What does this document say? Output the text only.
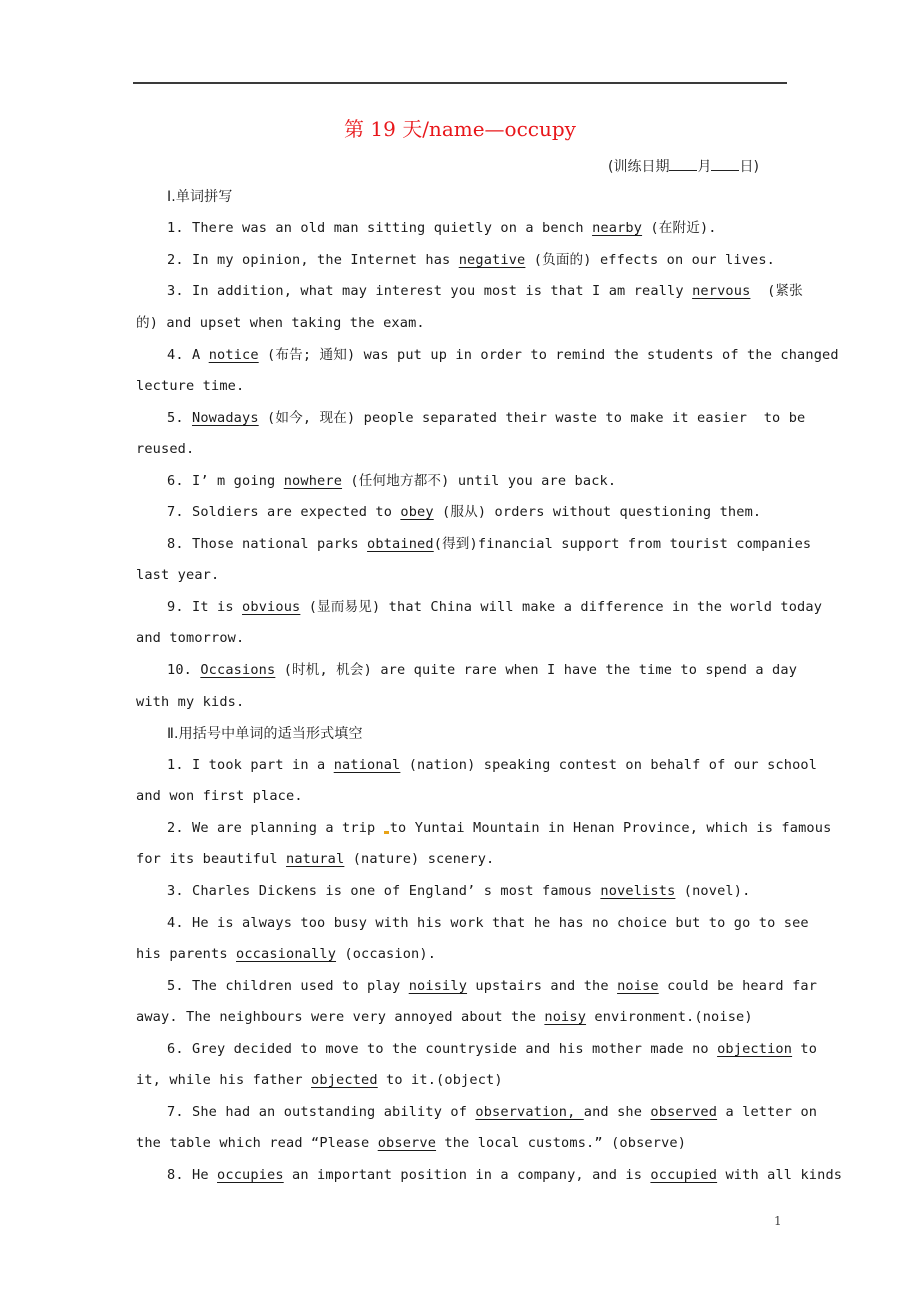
第 19 天/name—occupy
(训练日期 月 日)
Ⅰ.单词拼写
1. There was an old man sitting quietly on a bench nearby (在附近).
2. In my opinion, the Internet has negative (负面的) effects on our lives.
3. In addition, what may interest you most is that I am really nervous  (紧张
的) and upset when taking the exam.
4. A notice (布告; 通知) was put up in order to remind the students of the changed
lecture time.
5. Nowadays (如今, 现在) people separated their waste to make it easier  to be
reused.
6. I’ m going nowhere (任何地方都不) until you are back.
7. Soldiers are expected to obey (服从) orders without questioning them.
8. Those national parks obtained(得到)financial support from tourist companies
last year.
9. It is obvious (显而易见) that China will make a difference in the world today
and tomorrow.
10. Occasions (时机, 机会) are quite rare when I have the time to spend a day
with my kids.
Ⅱ.用括号中单词的适当形式填空
1. I took part in a national (nation) speaking contest on behalf of our school
and won first place.
2. We are planning a trip to Yuntai Mountain in Henan Province, which is famous
for its beautiful natural (nature) scenery.
3. Charles Dickens is one of England’ s most famous novelists (novel).
4. He is always too busy with his work that he has no choice but to go to see
his parents occasionally (occasion).
5. The children used to play noisily upstairs and the noise could be heard far
away. The neighbours were very annoyed about the noisy environment.(noise)
6. Grey decided to move to the countryside and his mother made no objection to
it, while his father objected to it.(object)
7. She had an outstanding ability of observation, and she observed a letter on
the table which read “Please observe the local customs.” (observe)
8. He occupies an important position in a company, and is occupied with all kinds
1
